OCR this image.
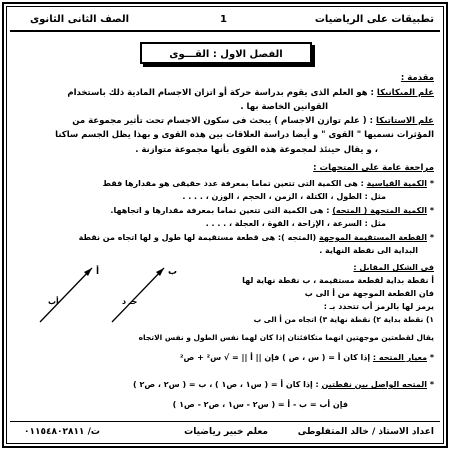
تطبيقات على الرياضيات
1
الصف الثانى الثانوى
الفصل الاول : القـــوى
مقدمة :
علم الميكانيكا : هو العلم الذى يقوم بدراسة حركة أو اتزان الاجسام المادية ذلك باستخدام
القوانين الخاصة بها .
علم الاستاتيكا : ( علم توازن الاجسام ) يبحث فى سكون الاجسام تحت تأثير مجموعة من
المؤثرات نسميها " القوى " و أيضا دراسة العلاقات بين هذه القوى و بهذا يظل الجسم ساكنا
، و يقال حينئذ لمجموعة هذه القوى بأنها مجموعة متوازنة .
مراجعة عامة على المتجهات :
* الكمية القياسية : هى الكمية التى تتعين تماما بمعرفة عدد حقيقى هو مقدارها فقط
مثل : الطول ، الكتلة ، الزمن ، الحجم ، الوزن ، . . . .
* الكمية المتجهة ( المتجه) : هى الكمية التى تتعين تماما بمعرفة مقدارها و اتجاهها.
مثل : السرعة ، الإزاحة ، القوة ، العجلة ، . . . .
* القطعة المستقيمة الموجهة (المتجه ): هى قطعة مستقيمة لها طول و لها اتجاه من نقطة
البداية الى نقطة النهاية .
فى الشكل المقابل :
أ نقطة بداية لقطعة مستقيمة ، ب نقطة نهاية لها
فان القطعة الموجهة من أ الى ب
يرمز لها بالرمز أب تتحدد بـ :
١) نقطة بداية ٢) نقطة نهاية ٣) اتجاه من أ الى ب
أ	ب
أب	حـ د
يقال لقطعتين موجهتين انهما متكافئتان إذا كان لهما نفس الطول و نفس الاتجاه
* معيار المتجه : إذا كان أ = ( س ، ص ) فإن || أ || = √ س² + ص²
* المتجه الواصل بين نقطتين : إذا كان أ = ( س١ ، ص١ ) ، ب = ( س٢ ، ص٢ )
فإن أب = ب - أ = ( س٢ - س١ ، ص٢ - ص١ )
اعداد الاستاذ / خالد المتفلوطى
معلم خبير رياضيات
ت/ ٠١١٥٤٨٠٢٨١١
